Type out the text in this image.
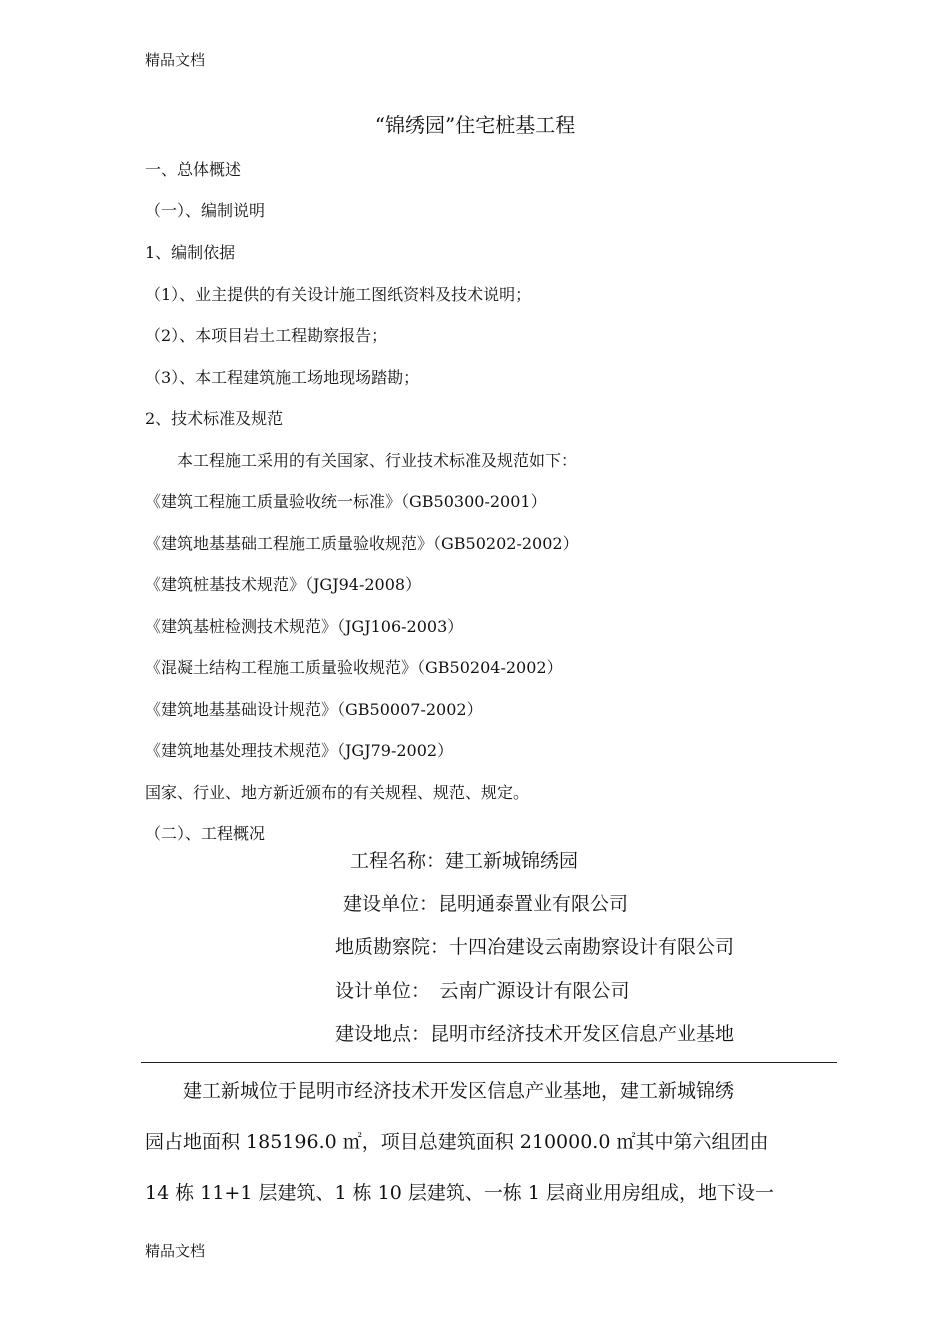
精品文档
“锦绣园”住宅桩基工程
一、总体概述
（一）、编制说明
1、编制依据
（1）、业主提供的有关设计施工图纸资料及技术说明；
（2）、本项目岩土工程勘察报告；
（3）、本工程建筑施工场地现场踏勘；
2、技术标准及规范
　　本工程施工采用的有关国家、行业技术标准及规范如下：
《建筑工程施工质量验收统一标准》（GB50300-2001）
《建筑地基基础工程施工质量验收规范》（GB50202-2002）
《建筑桩基技术规范》（JGJ94-2008）
《建筑基桩检测技术规范》（JGJ106-2003）
《混凝土结构工程施工质量验收规范》（GB50204-2002）
《建筑地基基础设计规范》（GB50007-2002）
《建筑地基处理技术规范》（JGJ79-2002）
国家、行业、地方新近颁布的有关规程、规范、规定。
（二）、工程概况
工程名称：建工新城锦绣园
建设单位：昆明通泰置业有限公司
地质勘察院：十四冶建设云南勘察设计有限公司
设计单位：　云南广源设计有限公司
建设地点：昆明市经济技术开发区信息产业基地
　　建工新城位于昆明市经济技术开发区信息产业基地，建工新城锦绣
园占地面积 185196.0 ㎡，项目总建筑面积 210000.0 ㎡其中第六组团由
14 栋 11+1 层建筑、1 栋 10 层建筑、一栋 1 层商业用房组成，地下设一
精品文档
